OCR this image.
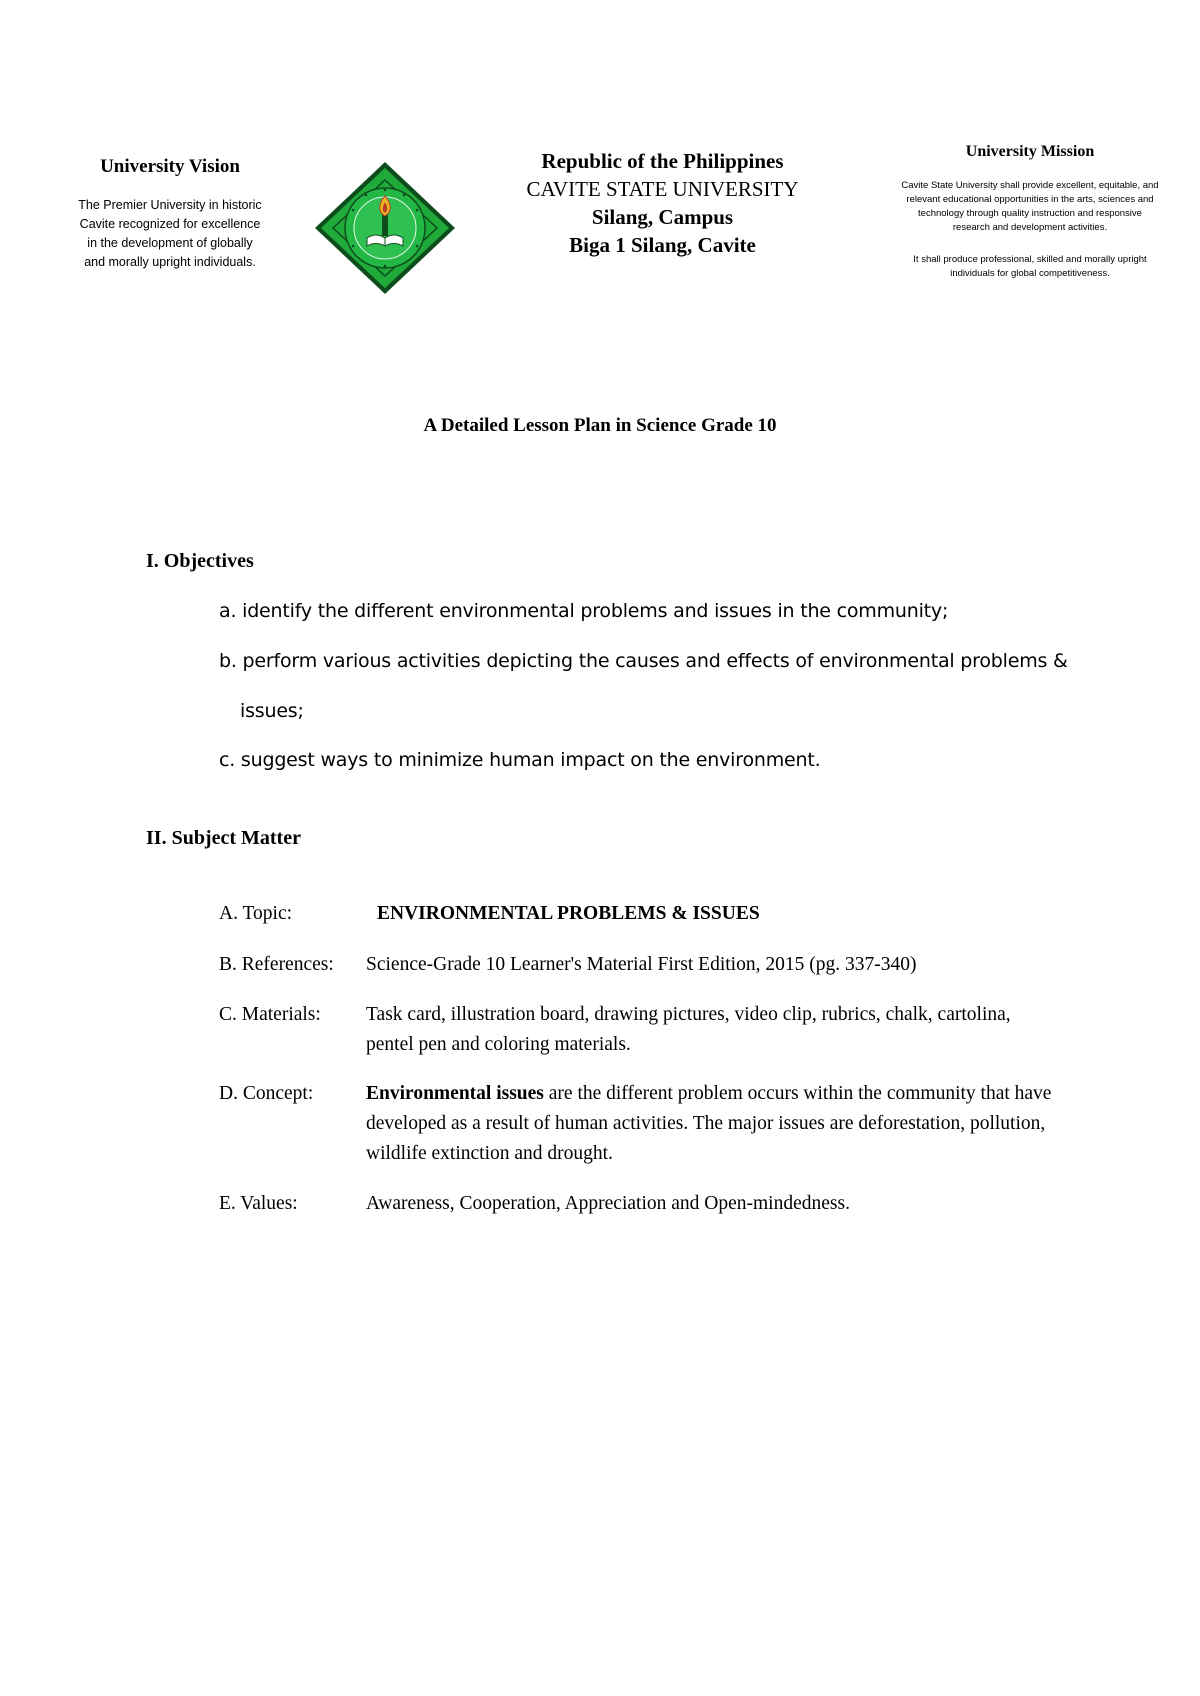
University Vision
The Premier University in historic
Cavite recognized for excellence
in the development of globally
and morally upright individuals.
Republic of the Philippines
CAVITE STATE UNIVERSITY
Silang, Campus
Biga 1 Silang, Cavite
University Mission
Cavite State University shall provide excellent, equitable, and relevant educational opportunities in the arts, sciences and technology through quality instruction and responsive research and development activities.
It shall produce professional, skilled and morally upright individuals for global competitiveness.
A Detailed Lesson Plan in Science Grade 10
I. Objectives
a. identify the different environmental problems and issues in the community;
b. perform various activities depicting the causes and effects of environmental problems &
issues;
c. suggest ways to minimize human impact on the environment.
II. Subject Matter
A. Topic:	ENVIRONMENTAL PROBLEMS & ISSUES
B. References: Science-Grade 10 Learner's Material First Edition, 2015 (pg. 337-340)
C. Materials: Task card, illustration board, drawing pictures, video clip, rubrics, chalk, cartolina, pentel pen and coloring materials.
D. Concept:	Environmental issues are the different problem occurs within the community that have developed as a result of human activities. The major issues are deforestation, pollution, wildlife extinction and drought.
E. Values:	Awareness, Cooperation, Appreciation and Open-mindedness.
